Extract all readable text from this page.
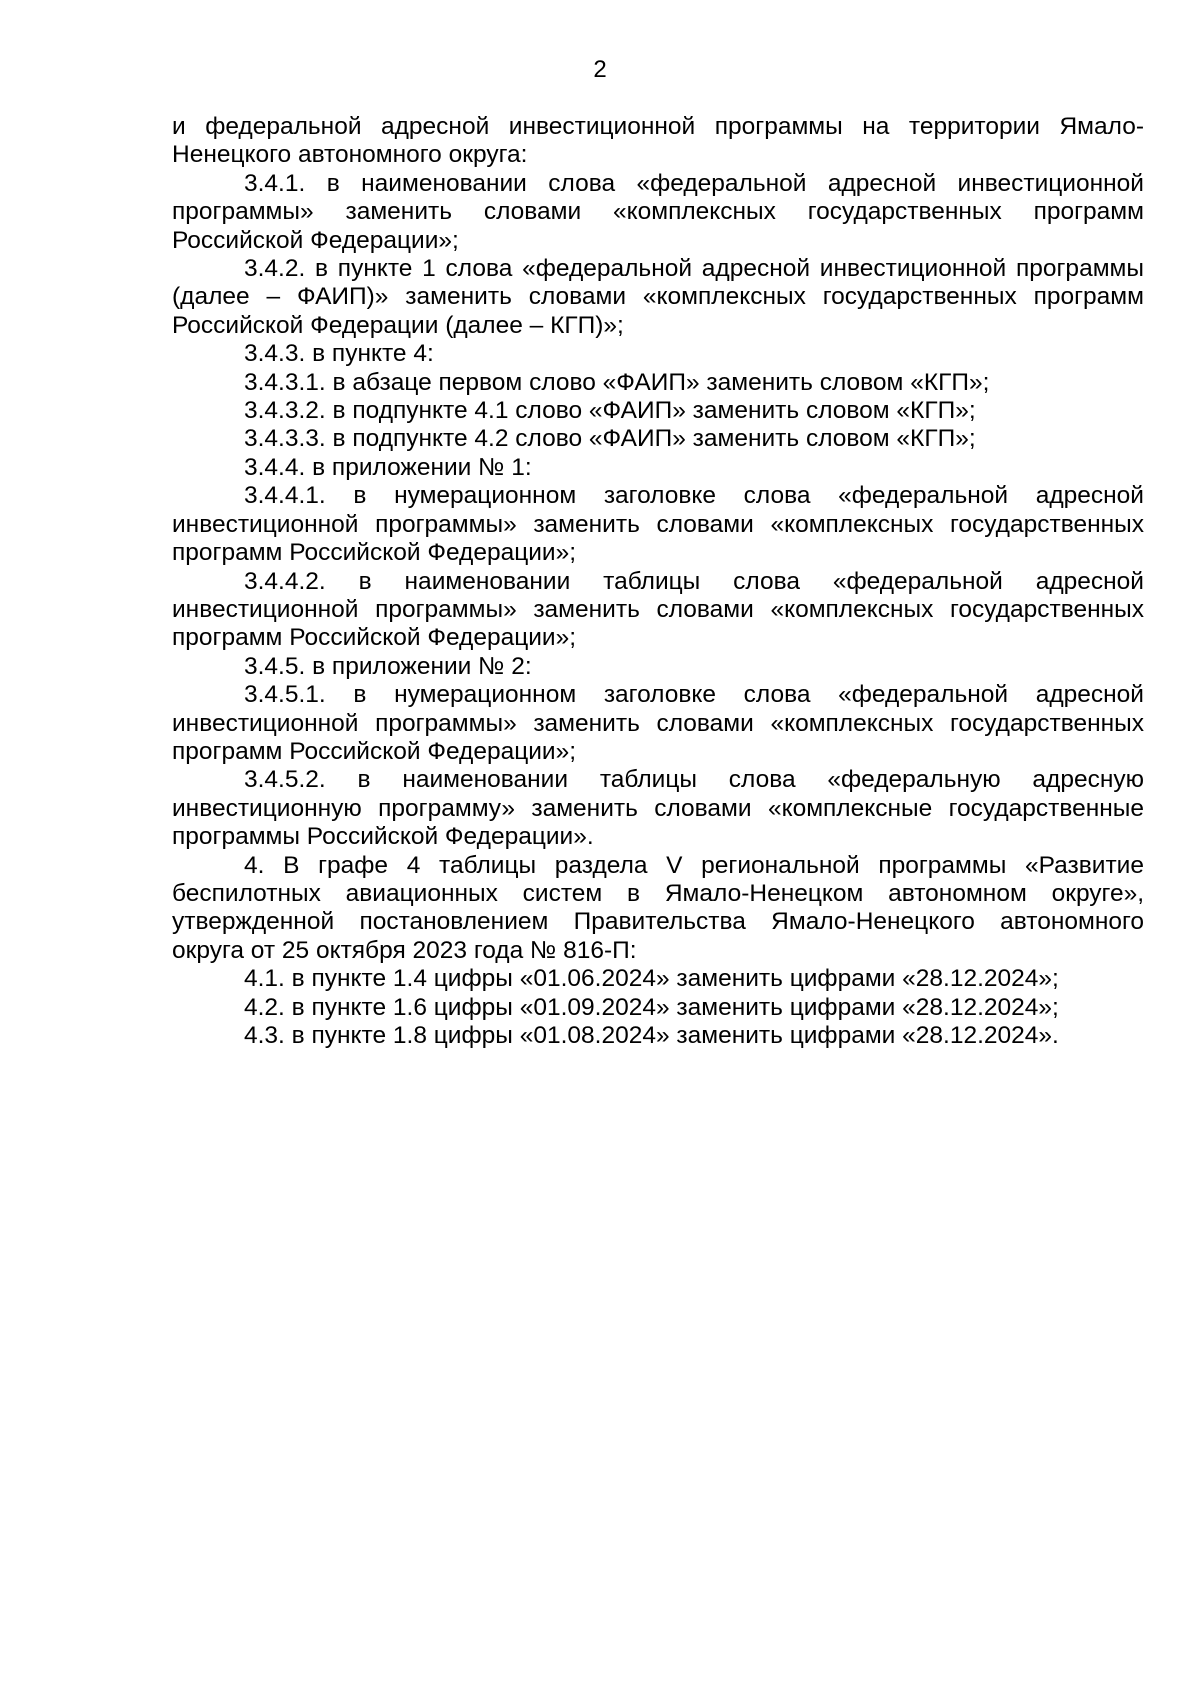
2

и федеральной адресной инвестиционной программы на территории Ямало-Ненецкого автономного округа:

3.4.1. в наименовании слова «федеральной адресной инвестиционной программы» заменить словами «комплексных государственных программ Российской Федерации»;

3.4.2. в пункте 1 слова «федеральной адресной инвестиционной программы (далее – ФАИП)» заменить словами «комплексных государственных программ Российской Федерации (далее – КГП)»;

3.4.3. в пункте 4:

3.4.3.1. в абзаце первом слово «ФАИП» заменить словом «КГП»;

3.4.3.2. в подпункте 4.1 слово «ФАИП» заменить словом «КГП»;

3.4.3.3. в подпункте 4.2 слово «ФАИП» заменить словом «КГП»;

3.4.4. в приложении № 1:

3.4.4.1. в нумерационном заголовке слова «федеральной адресной инвестиционной программы» заменить словами «комплексных государственных программ Российской Федерации»;

3.4.4.2. в наименовании таблицы слова «федеральной адресной инвестиционной программы» заменить словами «комплексных государственных программ Российской Федерации»;

3.4.5. в приложении № 2:

3.4.5.1. в нумерационном заголовке слова «федеральной адресной инвестиционной программы» заменить словами «комплексных государственных программ Российской Федерации»;

3.4.5.2. в наименовании таблицы слова «федеральную адресную инвестиционную программу» заменить словами «комплексные государственные программы Российской Федерации».

4. В графе 4 таблицы раздела V региональной программы «Развитие беспилотных авиационных систем в Ямало-Ненецком автономном округе», утвержденной постановлением Правительства Ямало-Ненецкого автономного округа от 25 октября 2023 года № 816-П:

4.1. в пункте 1.4 цифры «01.06.2024» заменить цифрами «28.12.2024»;

4.2. в пункте 1.6 цифры «01.09.2024» заменить цифрами «28.12.2024»;

4.3. в пункте 1.8 цифры «01.08.2024» заменить цифрами «28.12.2024».
